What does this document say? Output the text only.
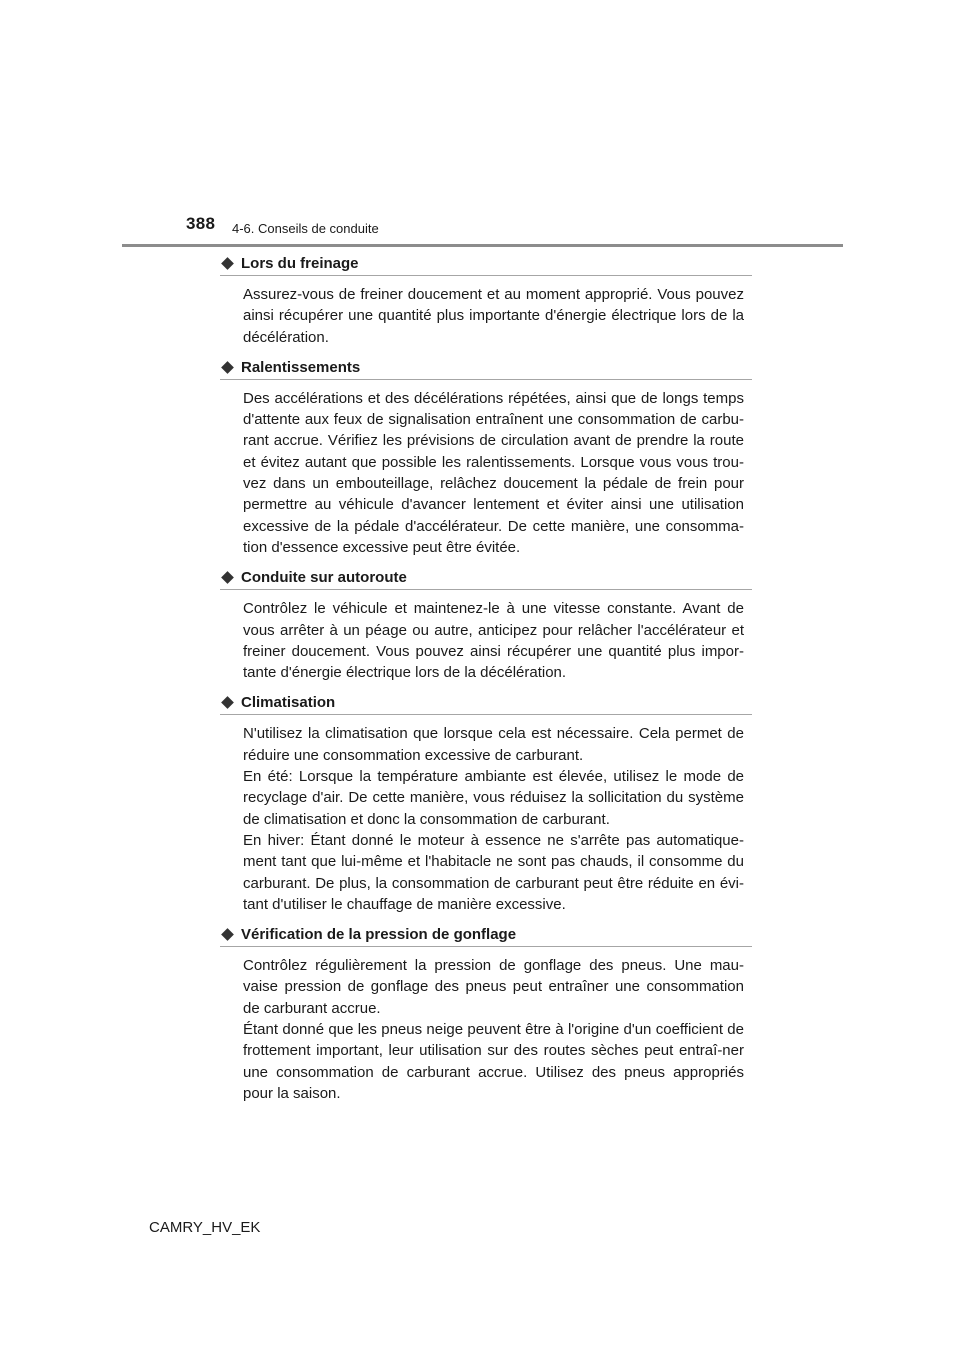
388 4-6. Conseils de conduite
Lors du freinage

Assurez-vous de freiner doucement et au moment approprié. Vous pouvez ainsi récupérer une quantité plus importante d'énergie électrique lors de la décélération.

Ralentissements

Des accélérations et des décélérations répétées, ainsi que de longs temps d'attente aux feux de signalisation entraînent une consommation de carbu-rant accrue. Vérifiez les prévisions de circulation avant de prendre la route et évitez autant que possible les ralentissements. Lorsque vous vous trou-vez dans un embouteillage, relâchez doucement la pédale de frein pour permettre au véhicule d'avancer lentement et éviter ainsi une utilisation excessive de la pédale d'accélérateur. De cette manière, une consomma-tion d'essence excessive peut être évitée.

Conduite sur autoroute

Contrôlez le véhicule et maintenez-le à une vitesse constante. Avant de vous arrêter à un péage ou autre, anticipez pour relâcher l'accélérateur et freiner doucement. Vous pouvez ainsi récupérer une quantité plus impor-tante d'énergie électrique lors de la décélération.

Climatisation

N'utilisez la climatisation que lorsque cela est nécessaire. Cela permet de réduire une consommation excessive de carburant.

En été: Lorsque la température ambiante est élevée, utilisez le mode de recyclage d'air. De cette manière, vous réduisez la sollicitation du système de climatisation et donc la consommation de carburant.

En hiver: Étant donné le moteur à essence ne s'arrête pas automatique-ment tant que lui-même et l'habitacle ne sont pas chauds, il consomme du carburant. De plus, la consommation de carburant peut être réduite en évi-tant d'utiliser le chauffage de manière excessive.

Vérification de la pression de gonflage

Contrôlez régulièrement la pression de gonflage des pneus. Une mau-vaise pression de gonflage des pneus peut entraîner une consommation de carburant accrue.

Étant donné que les pneus neige peuvent être à l'origine d'un coefficient de frottement important, leur utilisation sur des routes sèches peut entraî-ner une consommation de carburant accrue. Utilisez des pneus appropriés pour la saison.

CAMRY_HV_EK
